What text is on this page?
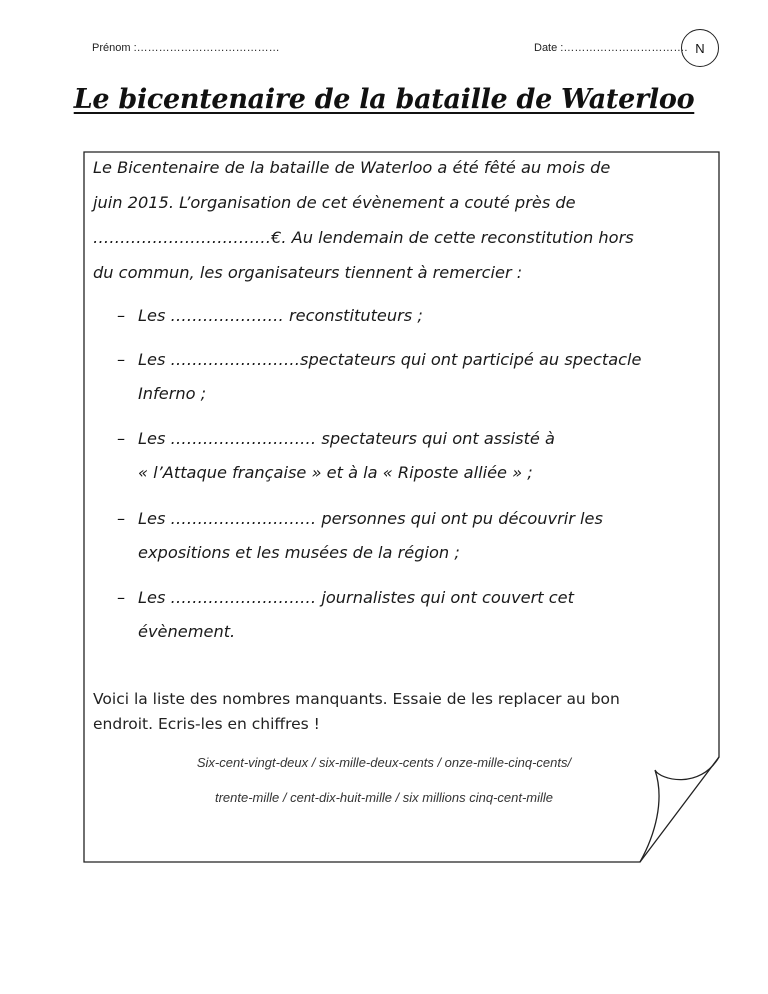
Prénom :…………………………………	Date :……………………………. N
Le bicentenaire de la bataille de Waterloo
Le Bicentenaire de la bataille de Waterloo a été fêté au mois de
juin 2015. L’organisation de cet évènement a couté près de
……………………………€. Au lendemain de cette reconstitution hors
du commun, les organisateurs tiennent à remercier :
– Les ………………… reconstituteurs ;
– Les ……………………spectateurs qui ont participé au spectacle
Inferno ;
– Les ……………………… spectateurs qui ont assisté à
« l’Attaque française » et à la « Riposte alliée » ;
– Les ……………………… personnes qui ont pu découvrir les
expositions et les musées de la région ;
– Les ……………………… journalistes qui ont couvert cet
évènement.
Voici la liste des nombres manquants. Essaie de les replacer au bon
endroit. Ecris-les en chiffres !
Six-cent-vingt-deux / six-mille-deux-cents / onze-mille-cinq-cents/
trente-mille / cent-dix-huit-mille / six millions cinq-cent-mille
